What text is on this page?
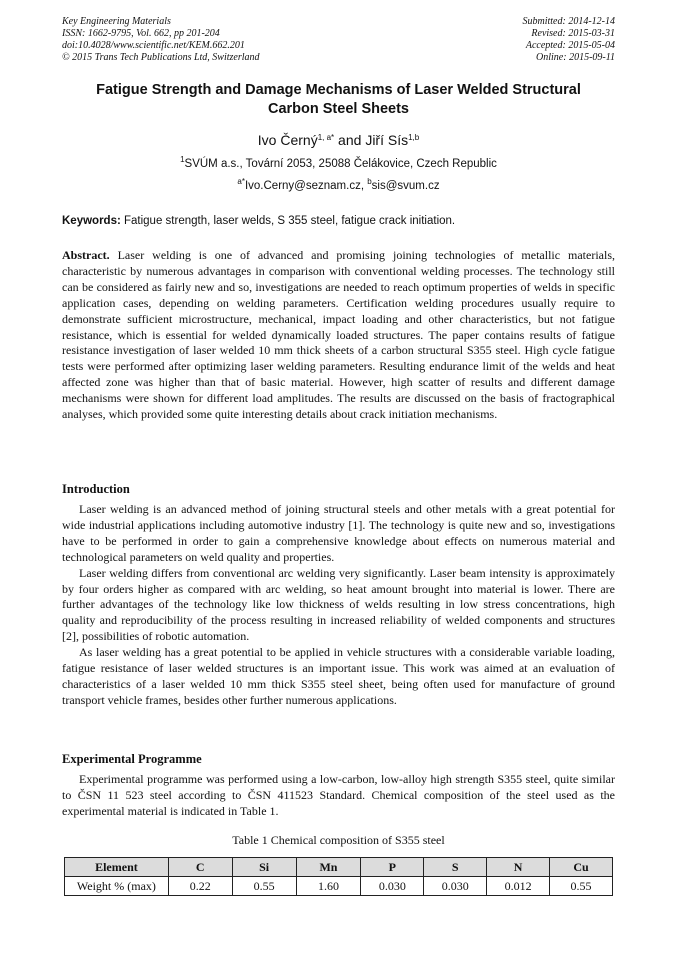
Key Engineering Materials
ISSN: 1662-9795, Vol. 662, pp 201-204
doi:10.4028/www.scientific.net/KEM.662.201
© 2015 Trans Tech Publications Ltd, Switzerland
Submitted: 2014-12-14
Revised: 2015-03-31
Accepted: 2015-05-04
Online: 2015-09-11
Fatigue Strength and Damage Mechanisms of Laser Welded Structural
Carbon Steel Sheets
Ivo Černý$^{1, a*}$ and Jiří Sís$^{1,b}$
$^1$SVÚM a.s., Tovární 2053, 25088 Čelákovice, Czech Republic
$^{a*}$Ivo.Cerny@seznam.cz, $^b$sis@svum.cz
Keywords: Fatigue strength, laser welds, S 355 steel, fatigue crack initiation.
Abstract. Laser welding is one of advanced and promising joining technologies of metallic materials, characteristic by numerous advantages in comparison with conventional welding processes. The technology still can be considered as fairly new and so, investigations are needed to reach optimum properties of welds in specific application cases, depending on welding parameters. Certification welding procedures usually require to demonstrate sufficient microstructure, mechanical, impact loading and other characteristics, but not fatigue resistance, which is essential for welded dynamically loaded structures. The paper contains results of fatigue resistance investigation of laser welded 10 mm thick sheets of a carbon structural S355 steel. High cycle fatigue tests were performed after optimizing laser welding parameters. Resulting endurance limit of the welds and heat affected zone was higher than that of basic material. However, high scatter of results and different damage mechanisms were shown for different load amplitudes. The results are discussed on the basis of fractographical analyses, which provided some quite interesting details about crack initiation mechanisms.
Introduction

Laser welding is an advanced method of joining structural steels and other metals with a great potential for wide industrial applications including automotive industry [1]. The technology is quite new and so, investigations have to be performed in order to gain a comprehensive knowledge about effects on numerous material and technological parameters on weld quality and properties.

Laser welding differs from conventional arc welding very significantly. Laser beam intensity is approximately by four orders higher as compared with arc welding, so heat amount brought into material is lower. There are further advantages of the technology like low thickness of welds resulting in low stress concentrations, high quality and reproducibility of the process resulting in increased reliability of welded components and structures [2], possibilities of robotic automation.

As laser welding has a great potential to be applied in vehicle structures with a considerable variable loading, fatigue resistance of laser welded structures is an important issue. This work was aimed at an evaluation of characteristics of a laser welded 10 mm thick S355 steel sheet, being often used for manufacture of ground transport vehicle frames, besides other further numerous applications.

Experimental Programme

Experimental programme was performed using a low-carbon, low-alloy high strength S355 steel, quite similar to ČSN 11 523 steel according to ČSN 411523 Standard. Chemical composition of the steel used as the experimental material is indicated in Table 1.

Table 1 Chemical composition of S355 steel
Element	C	Si	Mn	P	S	N	Cu
Weight % (max)	0.22	0.55	1.60	0.030	0.030	0.012	0.55
